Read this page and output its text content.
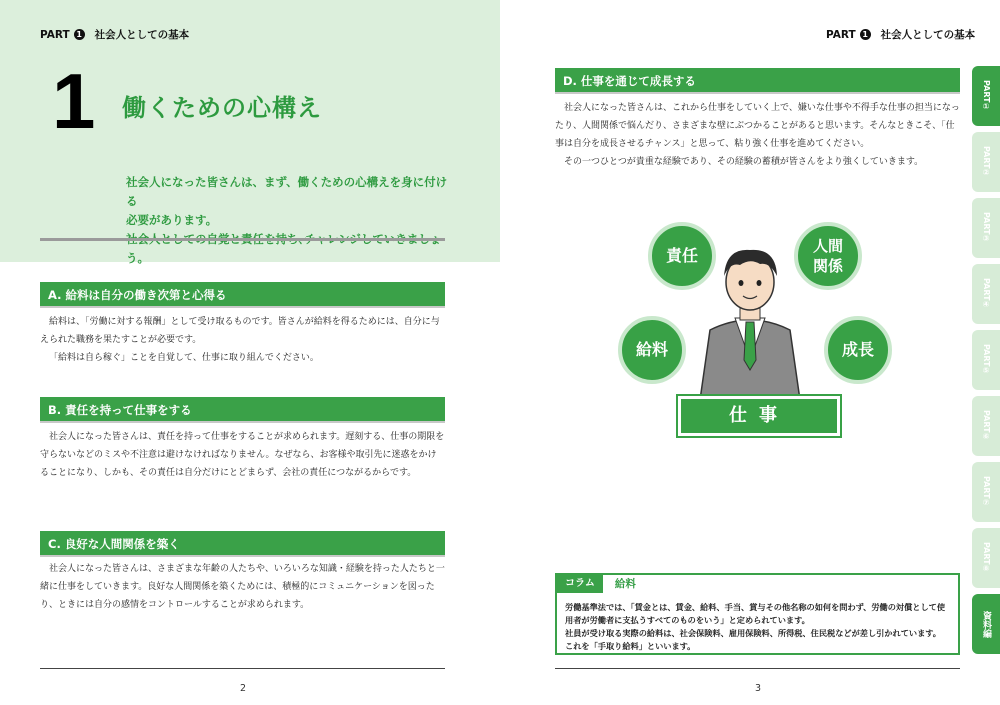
PART 1 社会人としての基本
1 働くための心構え
社会人になった皆さんは、まず、働くための心構えを身に付ける
必要があります。
う。
A. 給料は自分の働き次第と心得る

給料は、「労働に対する報酬」として受け取るものです。皆さんが給料を得るためには、自分に与えられた職務を果たすことが必要です。

「給料は自ら稼ぐ」ことを自覚して、仕事に取り組んでください。

B. 責任を持って仕事をする

社会人になった皆さんは、責任を持って仕事をすることが求められます。遅刻する、仕事の期限を守らないなどのミスや不注意は避けなければなりません。なぜなら、お客様や取引先に迷惑をかけることになり、しかも、その責任は自分だけにとどまらず、会社の責任につながるからです。

C. 良好な人間関係を築く

社会人になった皆さんは、さまざまな年齢の人たちや、いろいろな知識・経験を持った人たちと一緒に仕事をしていきます。良好な人間関係を築くためには、積極的にコミュニケーションを図ったり、ときには自分の感情をコントロールすることが求められます。

2
PART 1 社会人としての基本
D. 仕事を通じて成長する

社会人になった皆さんは、これから仕事をしていく上で、嫌いな仕事や不得手な仕事の担当になったり、人間関係で悩んだり、さまざまな壁にぶつかることがあると思います。そんなときこそ、「仕事は自分を成長させるチャンス」と思って、粘り強く仕事を進めてください。

その一つひとつが貴重な経験であり、その経験の蓄積が皆さんをより強くしていきます。

責任	人間関係
給料	成長
仕事
コラム	給料
労働基準法では、「賃金とは、賃金、給料、手当、賞与その他名称の如何を問わず、労働の対償として使
用者が労働者に支払うすべてのものをいう」と定められています。
社員が受け取る実際の給料は、社会保険料、雇用保険料、所得税、住民税などが差し引かれています。
これを「手取り給料」といいます。
3
PART
①
PART
②
PART
③
PART
④
PART
⑤
PART
⑥
PART
⑦
PART
⑧
資料編
